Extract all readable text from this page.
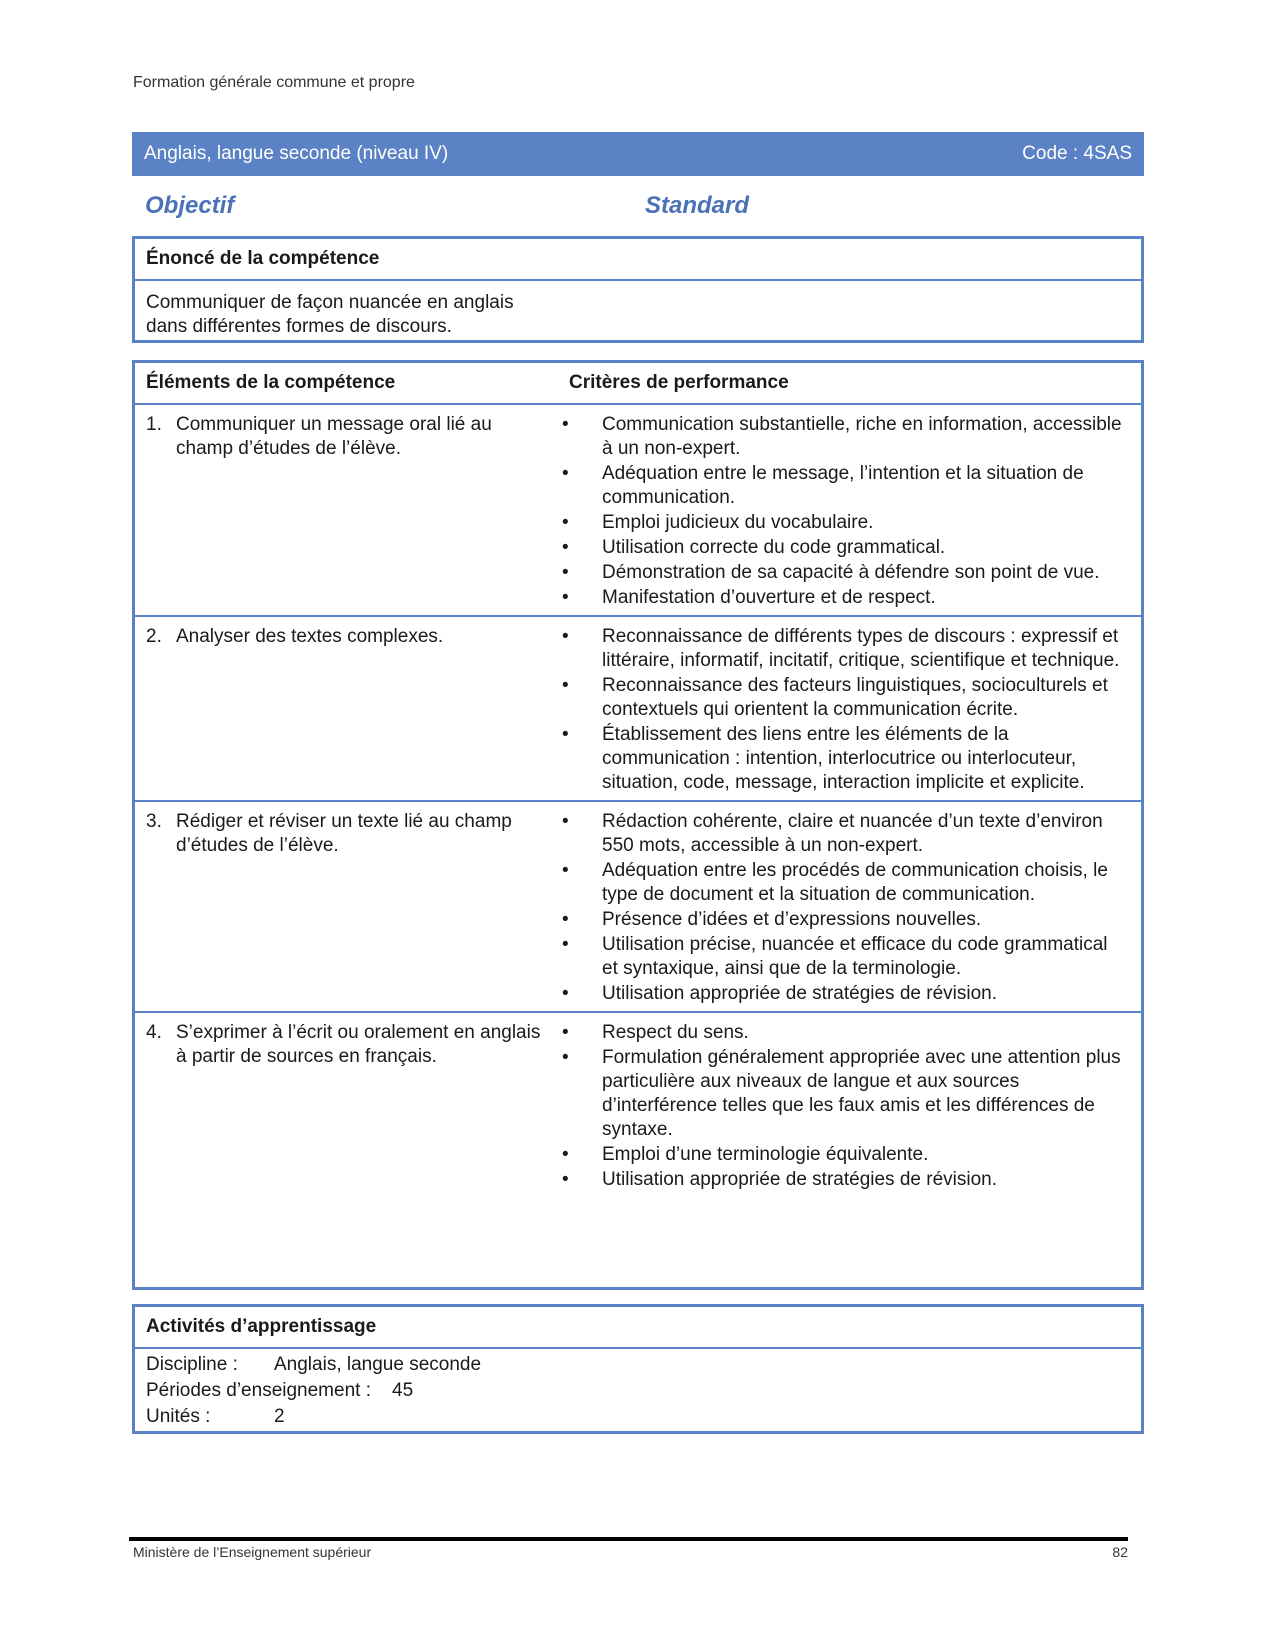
Formation générale commune et propre
Anglais, langue seconde (niveau IV)	Code : 4SAS
Objectif	Standard
Énoncé de la compétence
Communiquer de façon nuancée en anglais dans différentes formes de discours.
Éléments de la compétence	Critères de performance
1. Communiquer un message oral lié au champ d’études de l’élève.
•	Communication substantielle, riche en information, accessible à un non-expert.
•	Adéquation entre le message, l’intention et la situation de communication.
•	Emploi judicieux du vocabulaire.
•	Utilisation correcte du code grammatical.
•	Démonstration de sa capacité à défendre son point de vue.
•	Manifestation d’ouverture et de respect.
2. Analyser des textes complexes.	•	Reconnaissance de différents types de discours : expressif et littéraire, informatif, incitatif, critique, scientifique et technique.
•	Reconnaissance des facteurs linguistiques, socioculturels et contextuels qui orientent la communication écrite.
•	Établissement des liens entre les éléments de la communication : intention, interlocutrice ou interlocuteur, situation, code, message, interaction implicite et explicite.
3. Rédiger et réviser un texte lié au champ d’études de l’élève.
•	Rédaction cohérente, claire et nuancée d’un texte d’environ 550 mots, accessible à un non-expert.
•	Adéquation entre les procédés de communication choisis, le type de document et la situation de communication.
•	Présence d’idées et d’expressions nouvelles.
•	Utilisation précise, nuancée et efficace du code grammatical et syntaxique, ainsi que de la terminologie.
•	Utilisation appropriée de stratégies de révision.
4. S’exprimer à l’écrit ou oralement en anglais à partir de sources en français.
•	Respect du sens.
•	Formulation généralement appropriée avec une attention plus particulière aux niveaux de langue et aux sources d’interférence telles que les faux amis et les différences de syntaxe.
•	Emploi d’une terminologie équivalente.
•	Utilisation appropriée de stratégies de révision.
Activités d’apprentissage
Discipline : Anglais, langue seconde
Périodes d’enseignement : 45
Unités :	2
Ministère de l’Enseignement supérieur	82
